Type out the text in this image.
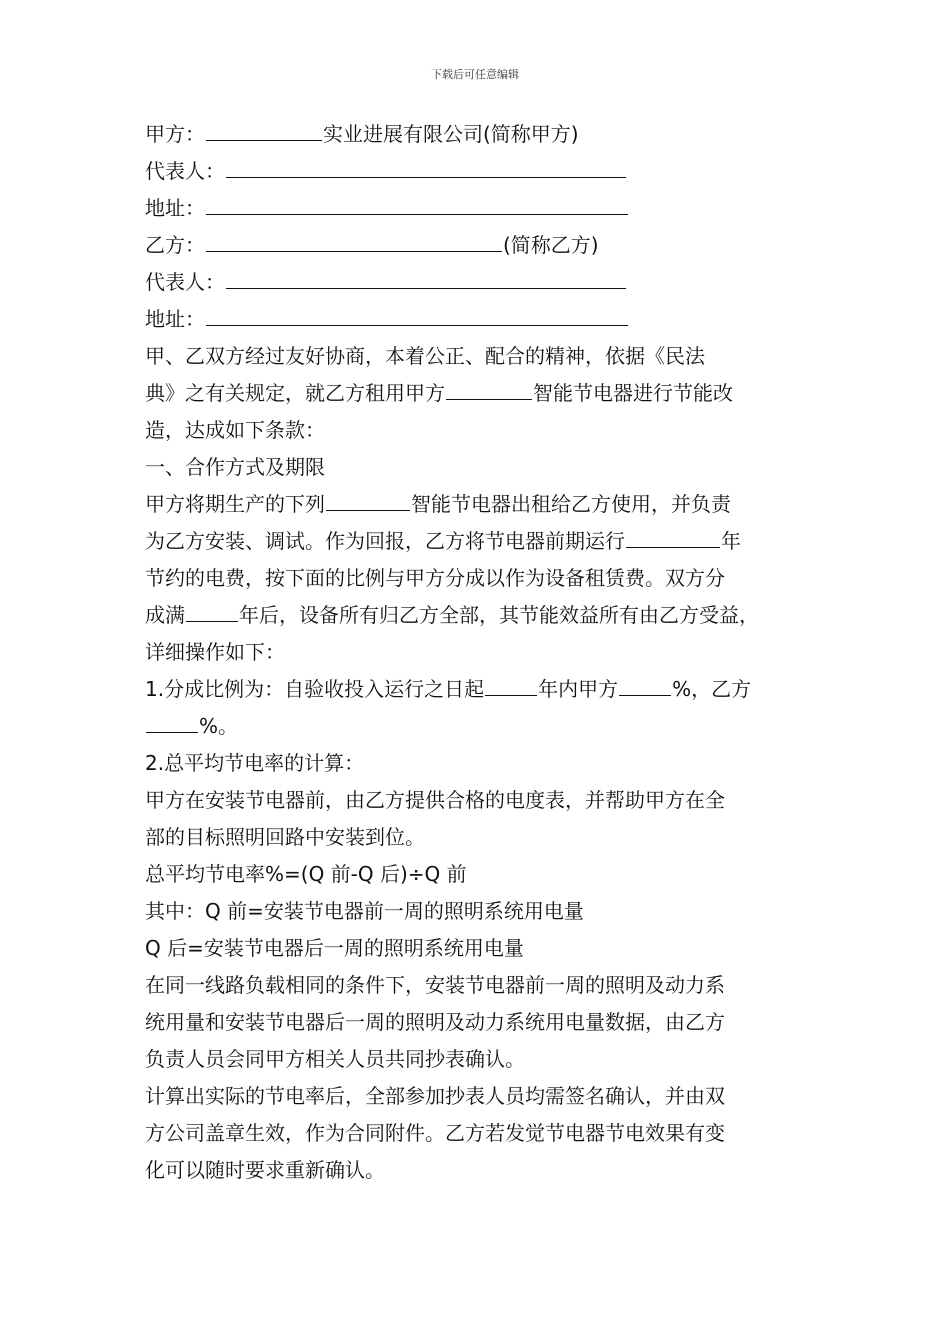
下载后可任意编辑
甲方：	实业进展有限公司(简称甲方)
代表人：
地址：
乙方：	(简称乙方)
代表人：
地址：
甲、乙双方经过友好协商，本着公正、配合的精神，依据《民法
典》之有关规定，就乙方租用甲方	智能节电器进行节能改
造，达成如下条款：
一、合作方式及期限
甲方将期生产的下列	智能节电器出租给乙方使用，并负责
为乙方安装、调试。作为回报，乙方将节电器前期运行	年
节约的电费，按下面的比例与甲方分成以作为设备租赁费。双方分
成满	年后，设备所有归乙方全部，其节能效益所有由乙方受益，
详细操作如下：
1.分成比例为：自验收投入运行之日起	年内甲方	%，乙方
%。
2.总平均节电率的计算：
甲方在安装节电器前，由乙方提供合格的电度表，并帮助甲方在全
部的目标照明回路中安装到位。
总平均节电率%=(Q 前-Q 后)÷Q 前
其中：Q 前=安装节电器前一周的照明系统用电量
Q 后=安装节电器后一周的照明系统用电量
在同一线路负载相同的条件下，安装节电器前一周的照明及动力系
统用量和安装节电器后一周的照明及动力系统用电量数据，由乙方
负责人员会同甲方相关人员共同抄表确认。
计算出实际的节电率后，全部参加抄表人员均需签名确认，并由双
方公司盖章生效，作为合同附件。乙方若发觉节电器节电效果有变
化可以随时要求重新确认。
